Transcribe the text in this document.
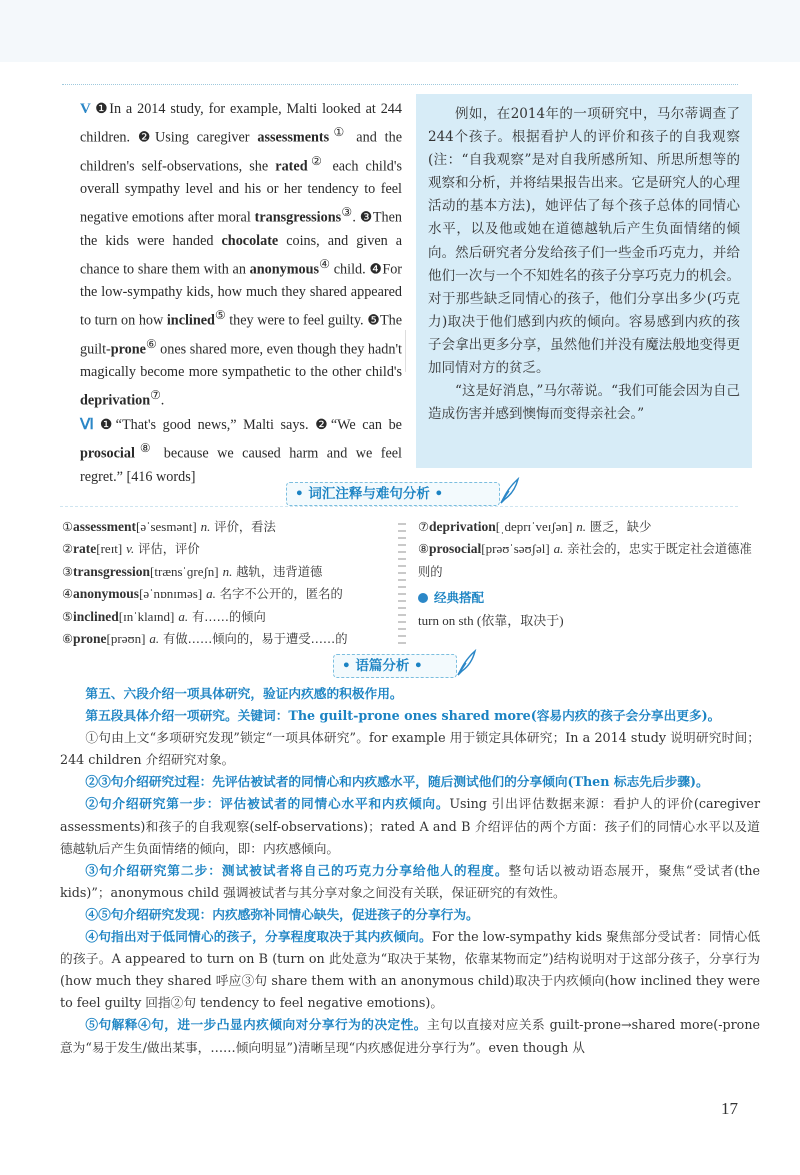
V ❶In a 2014 study, for example, Malti looked at 244 children. ❷Using caregiver assessments① and the children's self-observations, she rated② each child's overall sympathy level and his or her tendency to feel negative emotions after moral transgressions③. ❸Then the kids were handed chocolate coins, and given a chance to share them with an anonymous④ child. ❹For the low-sympathy kids, how much they shared appeared to turn on how inclined⑤ they were to feel guilty. ❺The guilt-prone⑥ ones shared more, even though they hadn't magically become more sympathetic to the other child's deprivation⑦.

Ⅵ ❶“That's good news,” Malti says. ❷“We can be prosocial⑧ because we caused harm and we feel regret.” [416 words]

例如，在2014年的一项研究中，马尔蒂调查了244个孩子。根据看护人的评价和孩子的自我观察(注：“自我观察”是对自我所感所知、所思所想等的观察和分析，并将结果报告出来。它是研究人的心理活动的基本方法)，她评估了每个孩子总体的同情心水平，以及他或她在道德越轨后产生负面情绪的倾向。然后研究者分发给孩子们一些金币巧克力，并给他们一次与一个不知姓名的孩子分享巧克力的机会。对于那些缺乏同情心的孩子，他们分享出多少(巧克力)取决于他们感到内疚的倾向。容易感到内疚的孩子会拿出更多分享，虽然他们并没有魔法般地变得更加同情对方的贫乏。

“这是好消息，”马尔蒂说。“我们可能会因为自己造成伤害并感到懊悔而变得亲社会。”

• 词汇注释与难句分析 •
①assessment[əˈsesmənt] n. 评价，看法
②rate[reɪt] v. 评估，评价
③transgression[trænsˈɡreʃn] n. 越轨，违背道德
④anonymous[əˈnɒnɪməs] a. 名字不公开的，匿名的
⑤inclined[ɪnˈklaɪnd] a. 有……的倾向
⑥prone[prəʊn] a. 有做……倾向的，易于遭受……的
⑦deprivation[ˌdeprɪˈveɪʃən] n. 匮乏，缺少
⑧prosocial[prəʊˈsəʊʃəl] a. 亲社会的，忠实于既定社会道德准则的
经典搭配
turn on sth (依靠，取决于)
• 语篇分析 •

第五、六段介绍一项具体研究，验证内疚感的积极作用。

第五段具体介绍一项研究。关键词：The guilt-prone ones shared more(容易内疚的孩子会分享出更多)。

①句由上文“多项研究发现”锁定“一项具体研究”。for example 用于锁定具体研究；In a 2014 study 说明研究时间；244 children 介绍研究对象。

②③句介绍研究过程：先评估被试者的同情心和内疚感水平，随后测试他们的分享倾向(Then 标志先后步骤)。

②句介绍研究第一步：评估被试者的同情心水平和内疚倾向。Using 引出评估数据来源：看护人的评价(caregiver assessments)和孩子的自我观察(self-observations)；rated A and B 介绍评估的两个方面：孩子们的同情心水平以及道德越轨后产生负面情绪的倾向，即：内疚感倾向。

③句介绍研究第二步：测试被试者将自己的巧克力分享给他人的程度。整句话以被动语态展开，聚焦“受试者(the kids)”；anonymous child 强调被试者与其分享对象之间没有关联，保证研究的有效性。

④⑤句介绍研究发现：内疚感弥补同情心缺失，促进孩子的分享行为。

④句指出对于低同情心的孩子，分享程度取决于其内疚倾向。For the low-sympathy kids 聚焦部分受试者：同情心低的孩子。A appeared to turn on B (turn on 此处意为“取决于某物，依靠某物而定”)结构说明对于这部分孩子，分享行为(how much they shared 呼应③句 share them with an anonymous child)取决于内疚倾向(how inclined they were to feel guilty 回指②句 tendency to feel negative emotions)。

⑤句解释④句，进一步凸显内疚倾向对分享行为的决定性。主句以直接对应关系 guilt-prone→shared more(-prone 意为“易于发生/做出某事，……倾向明显”)清晰呈现“内疚感促进分享行为”。even though 从

17
